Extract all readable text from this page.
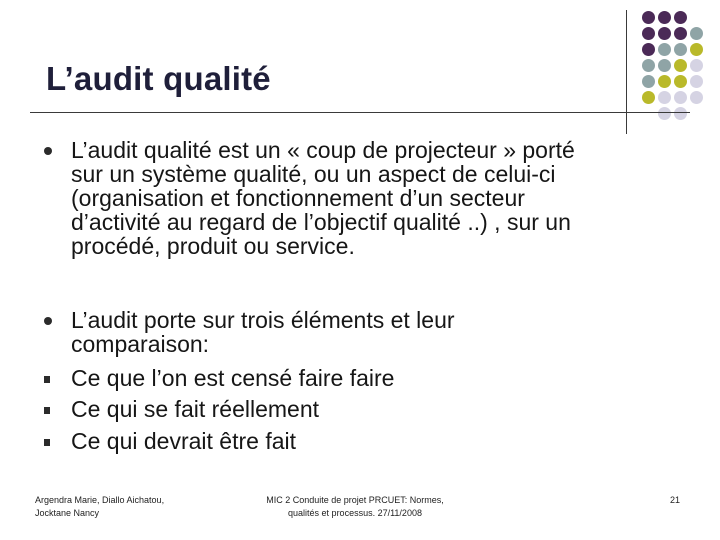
L’audit qualité
L’audit qualité est un « coup de projecteur » porté
sur un système qualité, ou un aspect de celui-ci
(organisation et fonctionnement d’un secteur
d’activité au regard de l’objectif qualité ..) , sur un
procédé, produit ou service.
L’audit porte sur trois éléments et leur
comparaison:
Ce que l’on est censé faire faire
Ce qui se fait réellement
Ce qui devrait être fait
Argendra Marie, Diallo Aichatou,
Jocktane Nancy
MIC 2 Conduite de projet PRCUET: Normes,
qualités et processus. 27/11/2008
21
